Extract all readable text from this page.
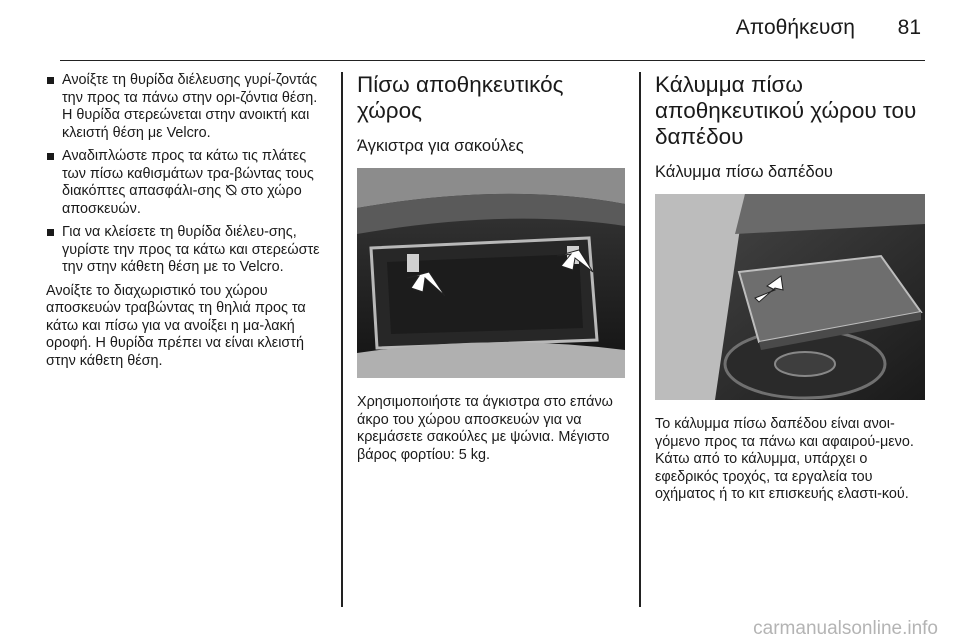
Αποθήκευση 81
Ανοίξτε τη θυρίδα διέλευσης γυρί-ζοντάς την προς τα πάνω στην ορι-ζόντια θέση. Η θυρίδα στερεώνεται στην ανοικτή και κλειστή θέση με Velcro.
Αναδιπλώστε προς τα κάτω τις πλάτες των πίσω καθισμάτων τρα-βώντας τους διακόπτες απασφάλι-σης ⦰ στο χώρο αποσκευών.
Για να κλείσετε τη θυρίδα διέλευ-σης, γυρίστε την προς τα κάτω και στερεώστε την στην κάθετη θέση με το Velcro.

Ανοίξτε το διαχωριστικό του χώρου αποσκευών τραβώντας τη θηλιά προς τα κάτω και πίσω για να ανοίξει η μα-λακή οροφή. Η θυρίδα πρέπει να είναι κλειστή στην κάθετη θέση.

Πίσω αποθηκευτικός χώρος
Άγκιστρα για σακούλες

Χρησιμοποιήστε τα άγκιστρα στο επάνω άκρο του χώρου αποσκευών για να κρεμάσετε σακούλες με ψώνια. Μέγιστο βάρος φορτίου: 5 kg.

Κάλυμμα πίσω αποθηκευτικού χώρου του δαπέδου
Κάλυμμα πίσω δαπέδου

Το κάλυμμα πίσω δαπέδου είναι ανοι-γόμενο προς τα πάνω και αφαιρού-μενο. Κάτω από το κάλυμμα, υπάρχει ο εφεδρικός τροχός, τα εργαλεία του οχήματος ή το κιτ επισκευής ελαστι-κού.

carmanualsonline.info
